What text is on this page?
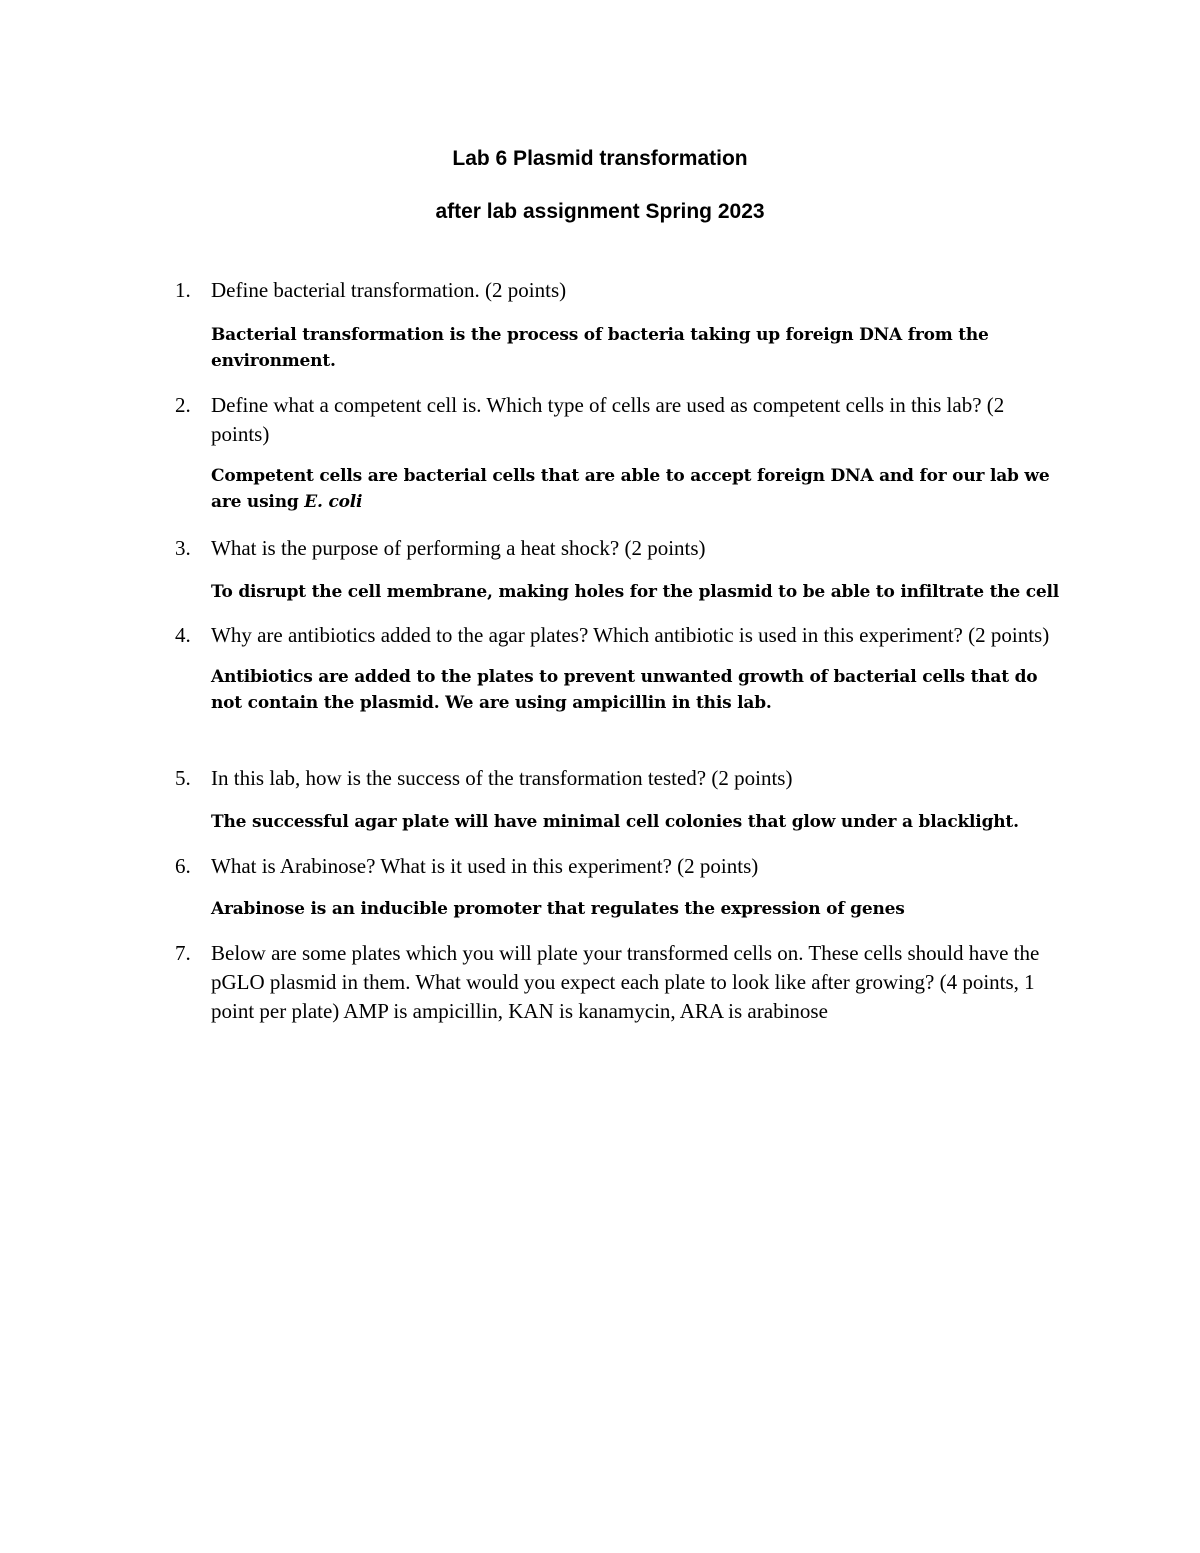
Lab 6 Plasmid transformation
after lab assignment Spring 2023
1. Define bacterial transformation. (2 points)

Bacterial transformation is the process of bacteria taking up foreign DNA from the environment.

2. Define what a competent cell is. Which type of cells are used as competent cells in this lab? (2 points)

Competent cells are bacterial cells that are able to accept foreign DNA and for our lab we are using E. coli

3. What is the purpose of performing a heat shock? (2 points)

To disrupt the cell membrane, making holes for the plasmid to be able to infiltrate the cell

4. Why are antibiotics added to the agar plates? Which antibiotic is used in this experiment? (2 points)

Antibiotics are added to the plates to prevent unwanted growth of bacterial cells that do not contain the plasmid. We are using ampicillin in this lab.

5. In this lab, how is the success of the transformation tested? (2 points)

The successful agar plate will have minimal cell colonies that glow under a blacklight.

6. What is Arabinose? What is it used in this experiment? (2 points)

Arabinose is an inducible promoter that regulates the expression of genes

7. Below are some plates which you will plate your transformed cells on. These cells should have the pGLO plasmid in them. What would you expect each plate to look like after growing? (4 points, 1 point per plate) AMP is ampicillin, KAN is kanamycin, ARA is arabinose
